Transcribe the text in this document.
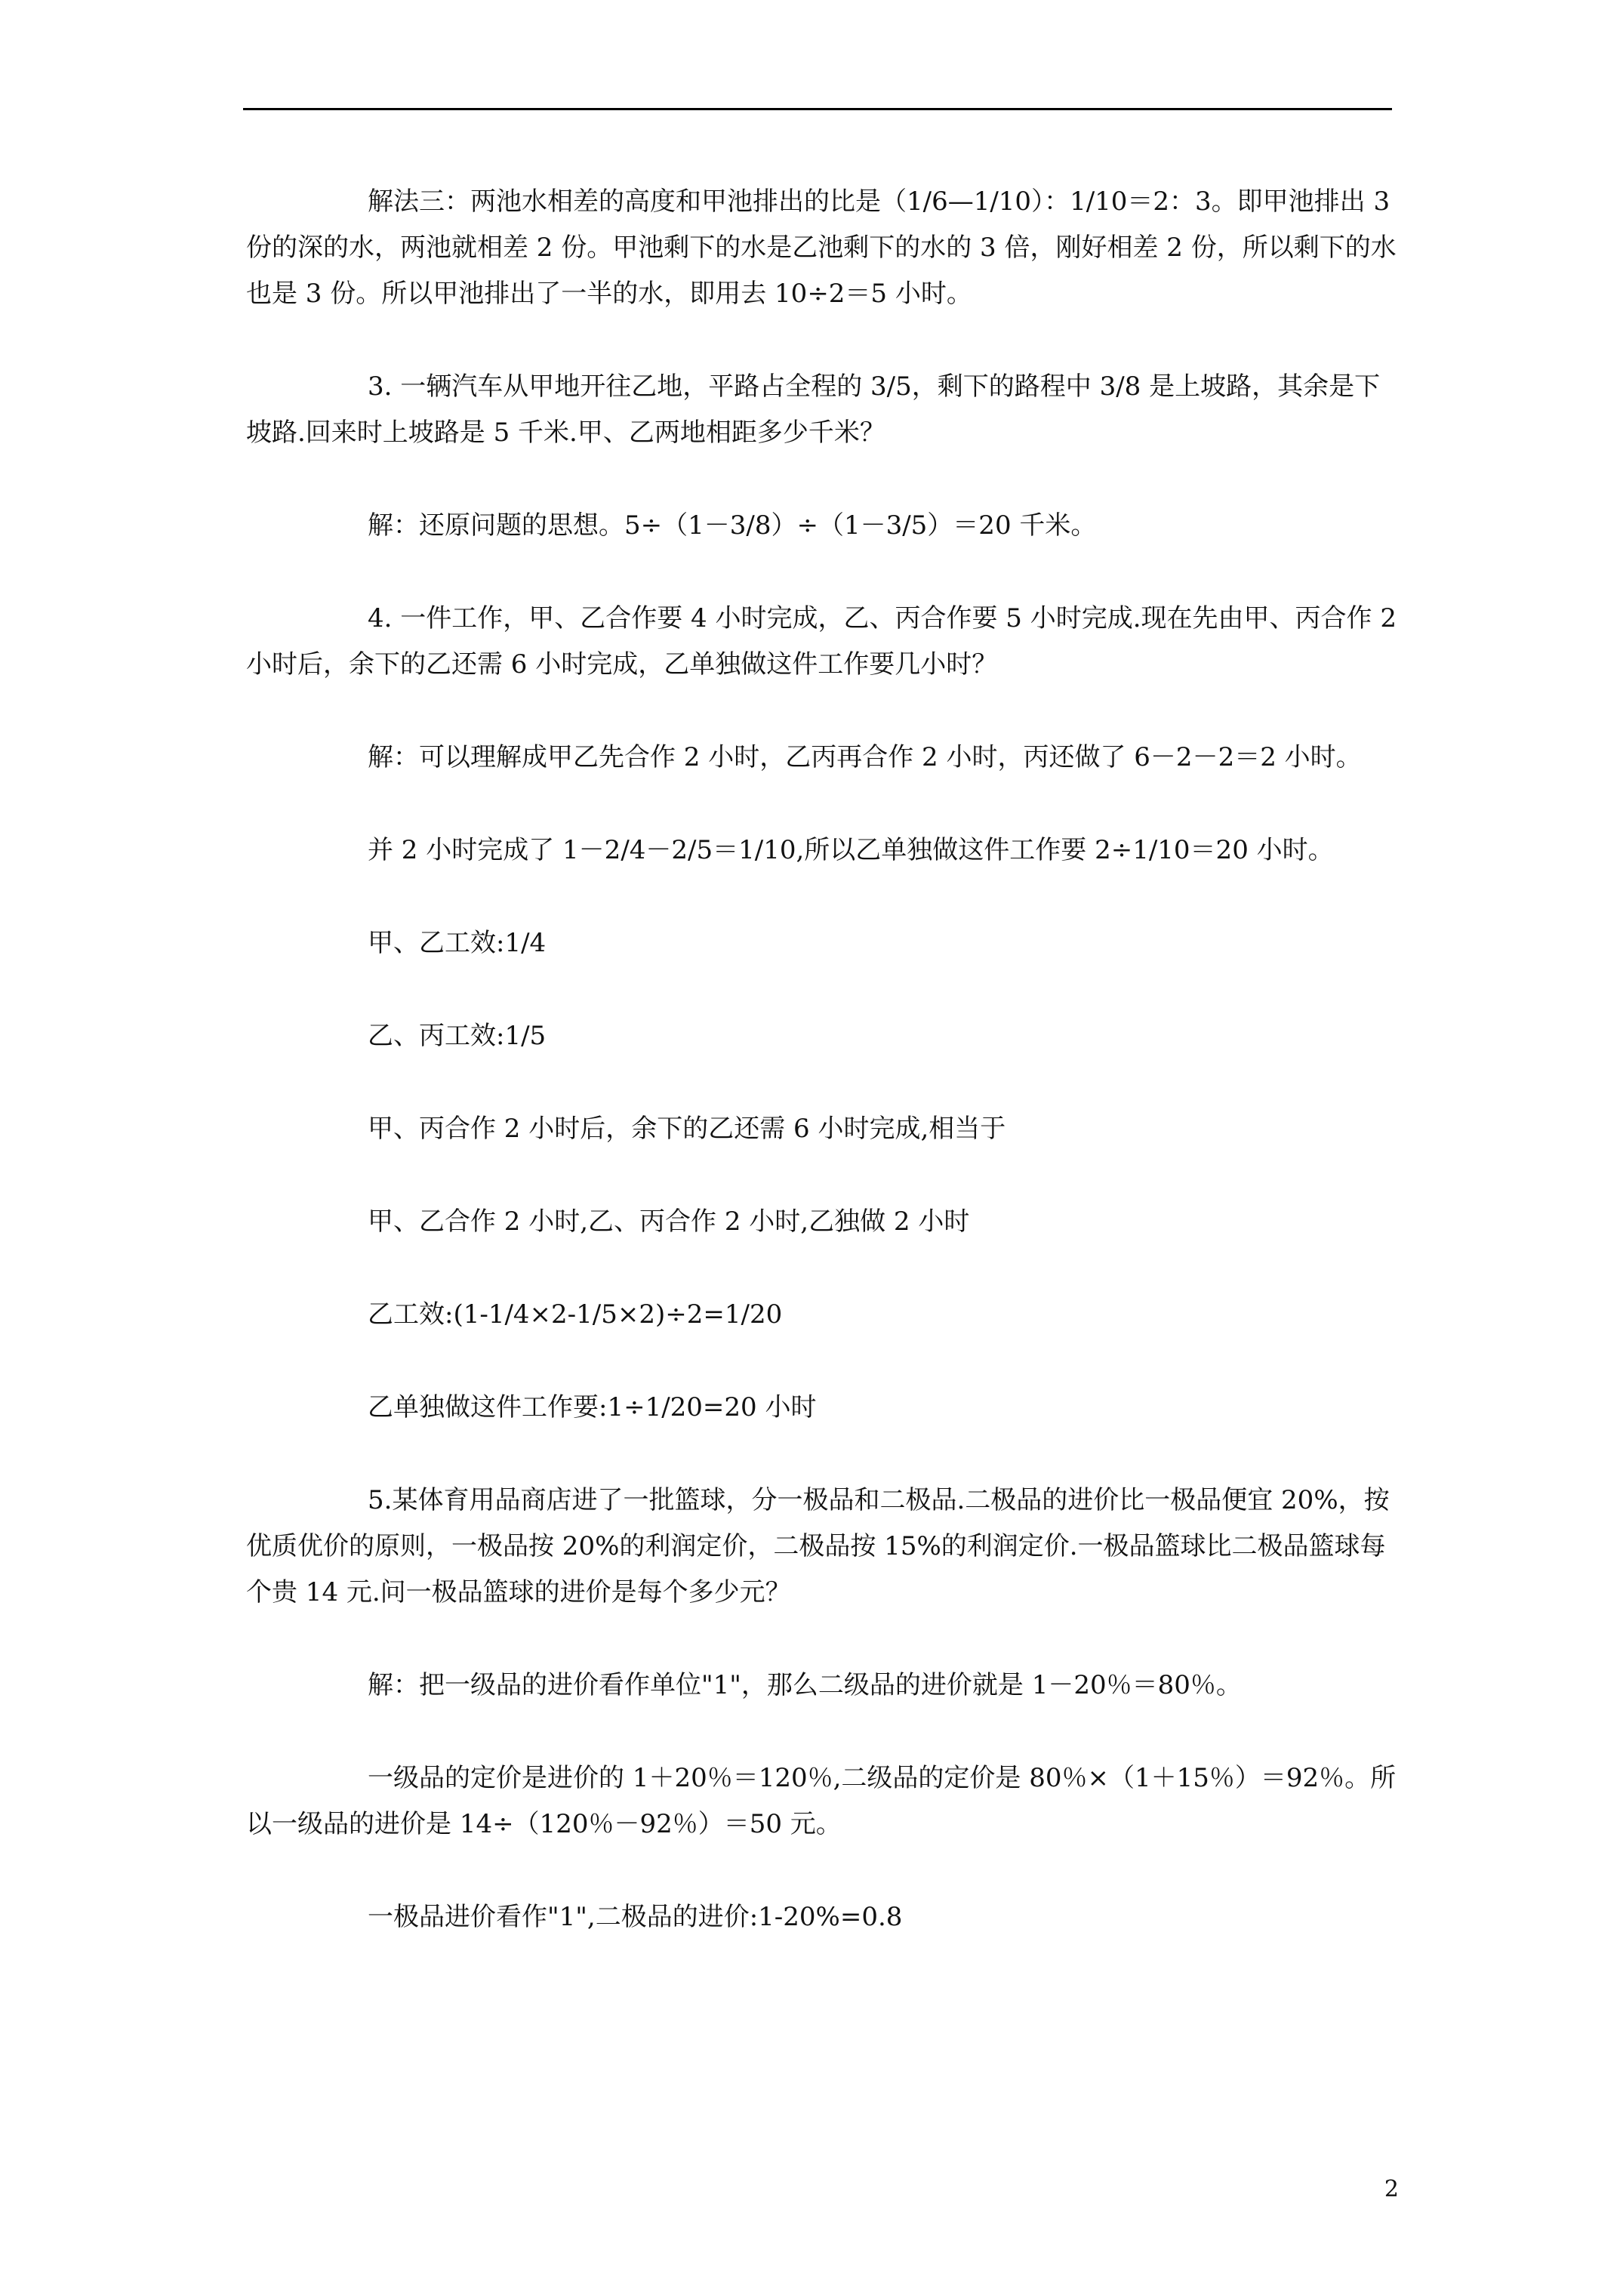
解法三：两池水相差的高度和甲池排出的比是（1/6—1/10）：1/10＝2：3。即甲池排出 3 份的深的水，两池就相差 2 份。甲池剩下的水是乙池剩下的水的 3 倍，刚好相差 2 份，所以剩下的水也是 3 份。所以甲池排出了一半的水，即用去 10÷2＝5 小时。

3. 一辆汽车从甲地开往乙地，平路占全程的 3/5，剩下的路程中 3/8 是上坡路，其余是下坡路.回来时上坡路是 5 千米.甲、乙两地相距多少千米？

解：还原问题的思想。5÷（1－3/8）÷（1－3/5）＝20 千米。

4. 一件工作，甲、乙合作要 4 小时完成，乙、丙合作要 5 小时完成.现在先由甲、丙合作 2 小时后，余下的乙还需 6 小时完成，乙单独做这件工作要几小时？

解：可以理解成甲乙先合作 2 小时，乙丙再合作 2 小时，丙还做了 6－2－2＝2 小时。

并 2 小时完成了 1－2/4－2/5＝1/10,所以乙单独做这件工作要 2÷1/10＝20 小时。

甲、乙工效:1/4

乙、丙工效:1/5

甲、丙合作 2 小时后，余下的乙还需 6 小时完成,相当于

甲、乙合作 2 小时,乙、丙合作 2 小时,乙独做 2 小时

乙工效:(1-1/4×2-1/5×2)÷2=1/20

乙单独做这件工作要:1÷1/20=20 小时

5.某体育用品商店进了一批篮球，分一极品和二极品.二极品的进价比一极品便宜 20%，按优质优价的原则，一极品按 20%的利润定价，二极品按 15%的利润定价.一极品篮球比二极品篮球每个贵 14 元.问一极品篮球的进价是每个多少元？

解：把一级品的进价看作单位"1"，那么二级品的进价就是 1－20％＝80％。

一级品的定价是进价的 1＋20％＝120％,二级品的定价是 80％×（1＋15％）＝92％。所以一级品的进价是 14÷（120％－92％）＝50 元。

一极品进价看作"1",二极品的进价:1-20%=0.8

2
